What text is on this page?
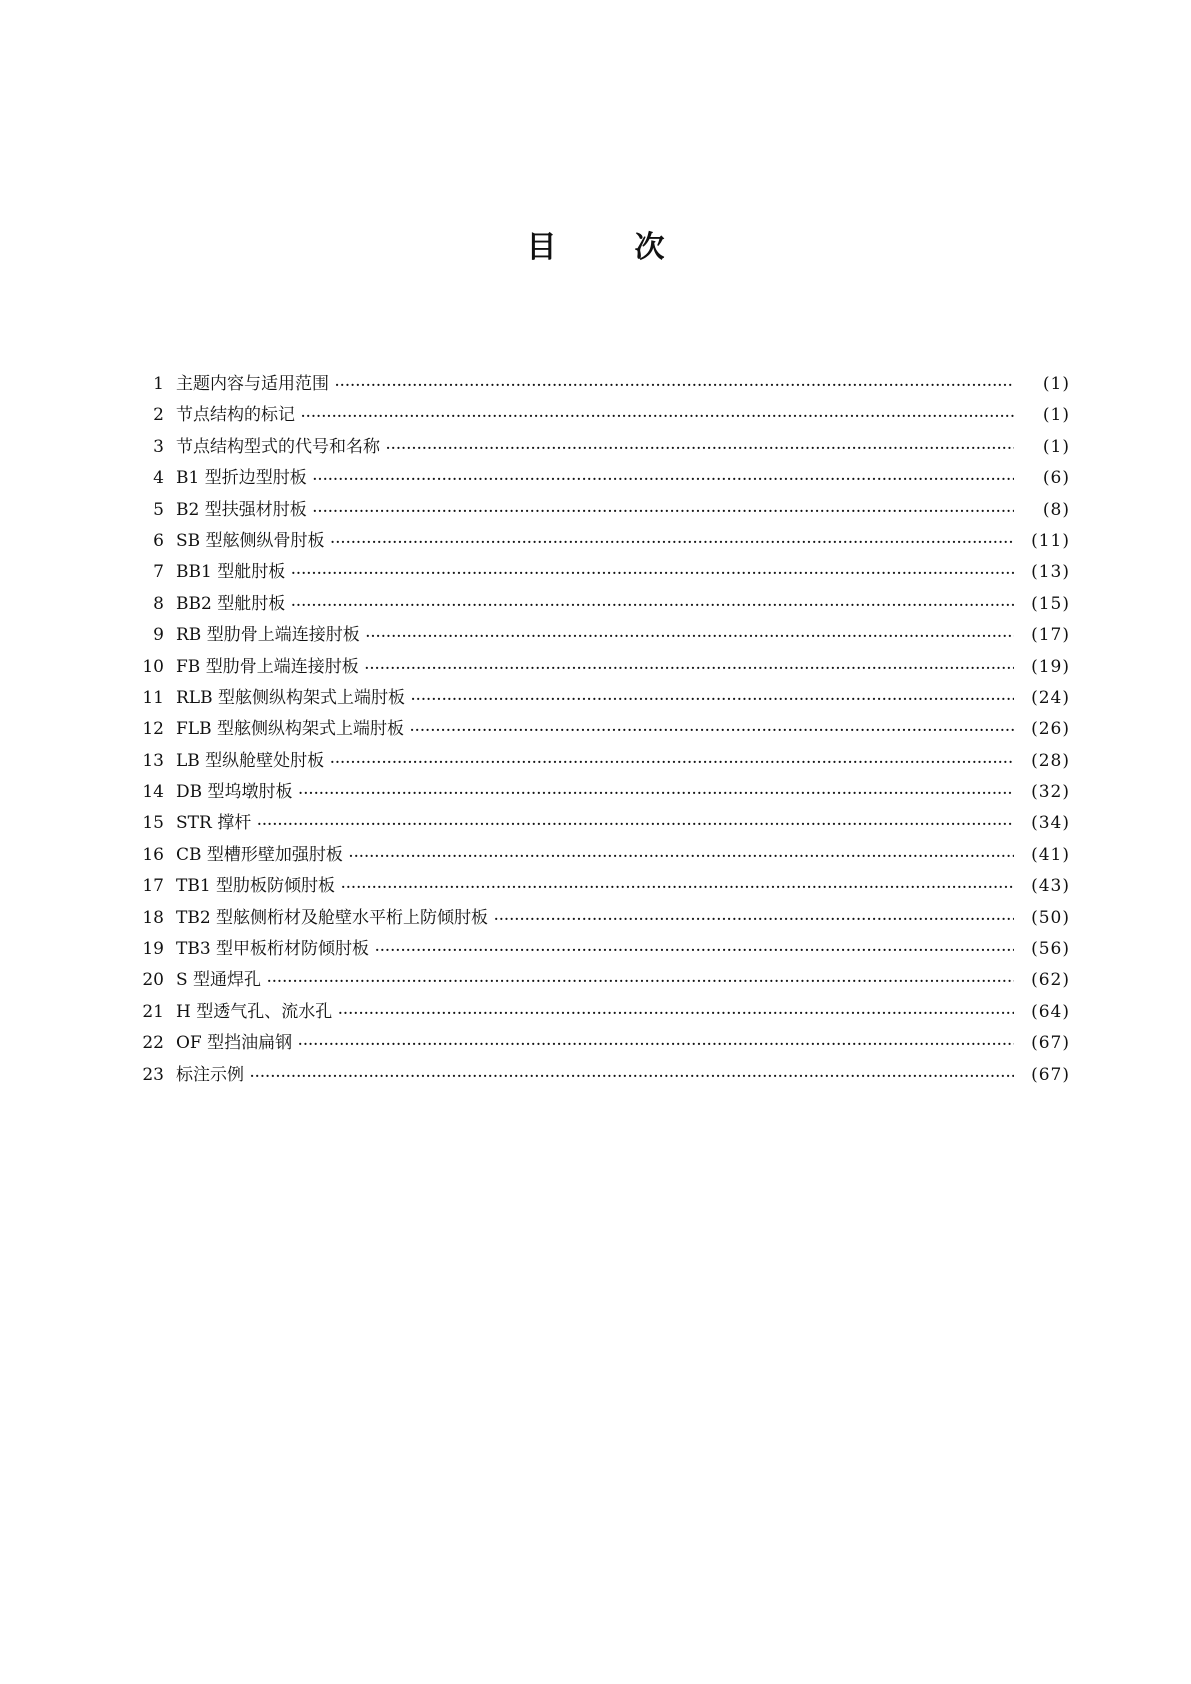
目	次
1 主题内容与适用范围 ·····	(1)
2 节点结构的标记 ·····	(1)
3 节点结构型式的代号和名称 ·····	(1)
4 B1 型折边型肘板 ·····	(6)
5 B2 型扶强材肘板 ·····	(8)
6 SB 型舷侧纵骨肘板 ·····	(11)
7 BB1 型舭肘板 ·····	(13)
8 BB2 型舭肘板 ·····	(15)
9 RB 型肋骨上端连接肘板 ·····	(17)
10 FB 型肋骨上端连接肘板 ·····	(19)
11 RLB 型舷侧纵构架式上端肘板 ·····	(24)
12 FLB 型舷侧纵构架式上端肘板 ·····	(26)
13 LB 型纵舱壁处肘板 ·····	(28)
14 DB 型坞墩肘板 ·····	(32)
15 STR 撑杆 ·····	(34)
16 CB 型槽形壁加强肘板 ·····	(41)
17 TB1 型肋板防倾肘板 ·····	(43)
18 TB2 型舷侧桁材及舱壁水平桁上防倾肘板 ·····	(50)
19 TB3 型甲板桁材防倾肘板 ·····	(56)
20 S 型通焊孔 ·····	(62)
21 H 型透气孔、流水孔 ·····	(64)
22 OF 型挡油扁钢 ·····	(67)
23 标注示例 ·····	(67)
